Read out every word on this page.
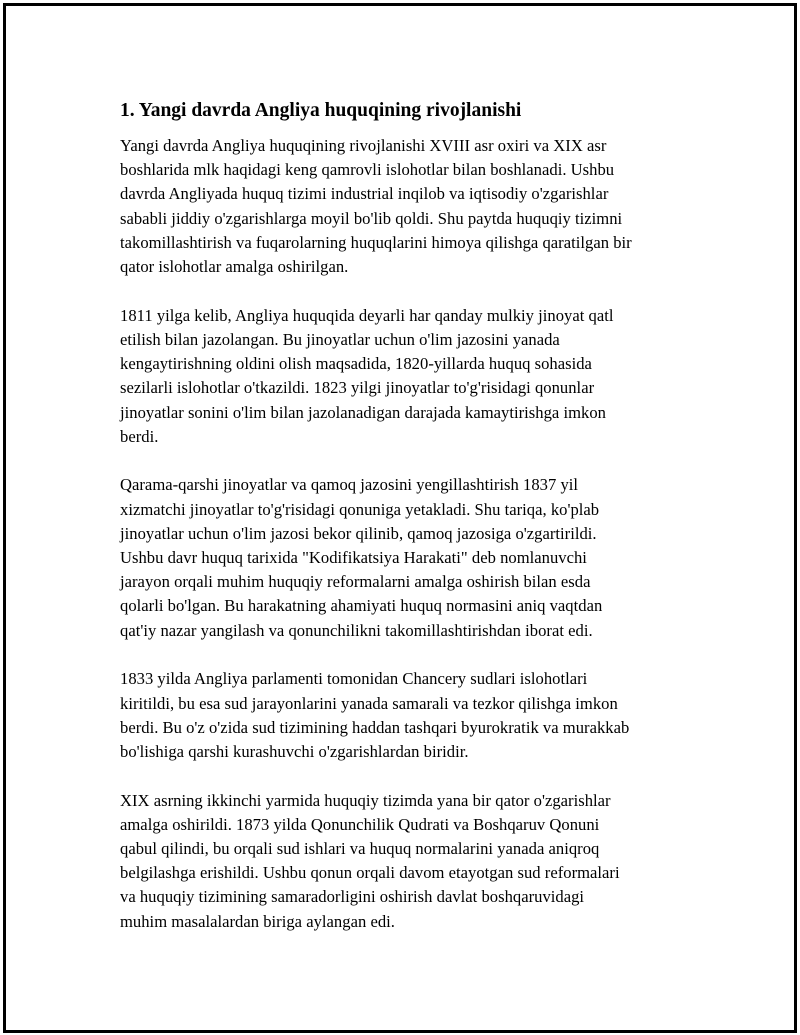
1. Yangi davrda Angliya huquqining rivojlanishi

Yangi davrda Angliya huquqining rivojlanishi XVIII asr oxiri va XIX asr
boshlarida mlk haqidagi keng qamrovli islohotlar bilan boshlanadi. Ushbu
davrda Angliyada huquq tizimi industrial inqilob va iqtisodiy o'zgarishlar
sababli jiddiy o'zgarishlarga moyil bo'lib qoldi. Shu paytda huquqiy tizimni
takomillashtirish va fuqarolarning huquqlarini himoya qilishga qaratilgan bir
qator islohotlar amalga oshirilgan.

1811 yilga kelib, Angliya huquqida deyarli har qanday mulkiy jinoyat qatl
etilish bilan jazolangan. Bu jinoyatlar uchun o'lim jazosini yanada
kengaytirishning oldini olish maqsadida, 1820-yillarda huquq sohasida
sezilarli islohotlar o'tkazildi. 1823 yilgi jinoyatlar to'g'risidagi qonunlar
jinoyatlar sonini o'lim bilan jazolanadigan darajada kamaytirishga imkon
berdi.

Qarama-qarshi jinoyatlar va qamoq jazosini yengillashtirish 1837 yil
xizmatchi jinoyatlar to'g'risidagi qonuniga yetakladi. Shu tariqa, ko'plab
jinoyatlar uchun o'lim jazosi bekor qilinib, qamoq jazosiga o'zgartirildi.
Ushbu davr huquq tarixida "Kodifikatsiya Harakati" deb nomlanuvchi
jarayon orqali muhim huquqiy reformalarni amalga oshirish bilan esda
qolarli bo'lgan. Bu harakatning ahamiyati huquq normasini aniq vaqtdan
qat'iy nazar yangilash va qonunchilikni takomillashtirishdan iborat edi.

1833 yilda Angliya parlamenti tomonidan Chancery sudlari islohotlari
kiritildi, bu esa sud jarayonlarini yanada samarali va tezkor qilishga imkon
berdi. Bu o'z o'zida sud tizimining haddan tashqari byurokratik va murakkab
bo'lishiga qarshi kurashuvchi o'zgarishlardan biridir.

XIX asrning ikkinchi yarmida huquqiy tizimda yana bir qator o'zgarishlar
amalga oshirildi. 1873 yilda Qonunchilik Qudrati va Boshqaruv Qonuni
qabul qilindi, bu orqali sud ishlari va huquq normalarini yanada aniqroq
belgilashga erishildi. Ushbu qonun orqali davom etayotgan sud reformalari
va huquqiy tizimining samaradorligini oshirish davlat boshqaruvidagi
muhim masalalardan biriga aylangan edi.
